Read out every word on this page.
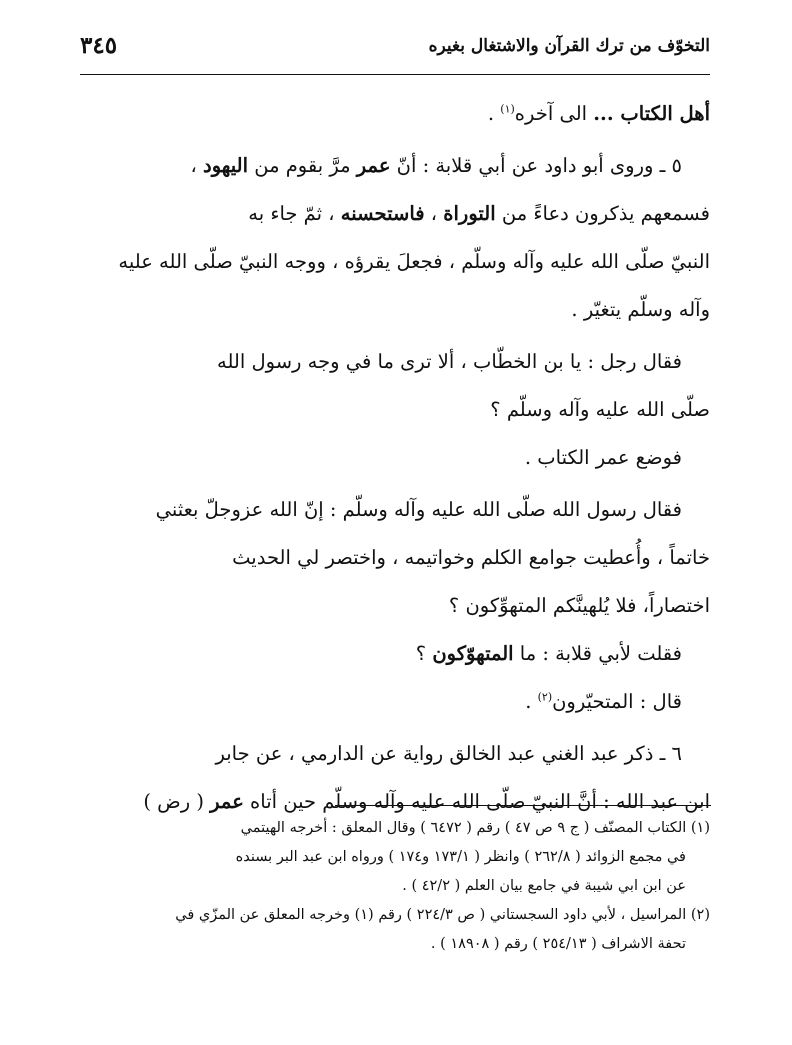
التخوّف من ترك القرآن والاشتغال بغيره
٣٤٥

أهل الكتاب ... الى آخره$^{(١)}$ .

٥ ـ وروى أبو داود عن أبي قلابة : أنّ عمر مرَّ بقوم من اليهود ،
فسمعهم يذكرون دعاءً من التوراة ، فاستحسنه ، ثمّ جاء به
النبيّ صلّى الله عليه وآله وسلّم ، فجعلَ يقرؤه ، ووجه النبيّ صلّى الله عليه
وآله وسلّم يتغيّر .

فقال رجل : يا بن الخطّاب ، ألا ترى ما في وجه رسول الله
صلّى الله عليه وآله وسلّم ؟

فوضع عمر الكتاب .

فقال رسول الله صلّى الله عليه وآله وسلّم : إنّ الله عزوجلّ بعثني
خاتماً ، وأُعطيت جوامع الكلم وخواتيمه ، واختصر لي الحديث
اختصاراً، فلا يُلهينَّكم المتهوِّكون ؟

فقلت لأبي قلابة : ما المتهوّكون ؟

قال : المتحيّرون$^{(٢)}$ .

٦ ـ ذكر عبد الغني عبد الخالق رواية عن الدارمي ، عن جابر
ابن عبد الله : أنَّ النبيّ صلّى الله عليه وآله وسلّم حين أتاه عمر ( رض )

(١) الكتاب المصنّف ( ج ٩ ص ٤٧ ) رقم ( ٦٤٧٢ ) وقال المعلق : أخرجه الهيتمي

في مجمع الزوائد ( ٢٦٢/٨ ) وانظر ( ١٧٣/١ و١٧٤ ) ورواه ابن عبد البر بسنده

عن ابن ابي شيبة في جامع بيان العلم ( ٤٢/٢ ) .

(٢) المراسيل ، لأبي داود السجستاني ( ص ٢٢٤/٣ ) رقم (١) وخرجه المعلق عن المزّي في

تحفة الاشراف ( ٢٥٤/١٣ ) رقم ( ١٨٩٠٨ ) .
